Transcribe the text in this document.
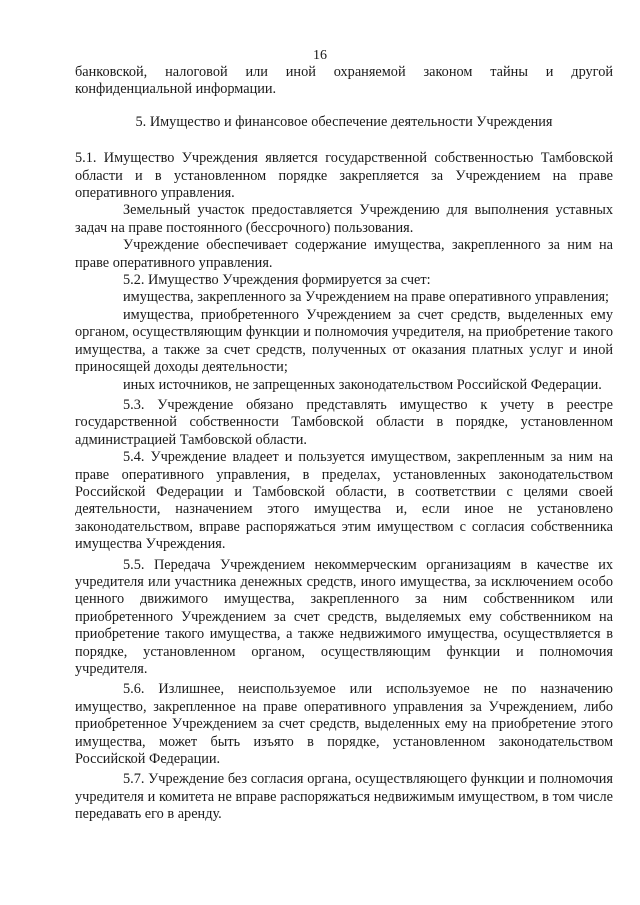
16

банковской, налоговой или иной охраняемой законом тайны и другой конфиденциальной информации.

5. Имущество и финансовое обеспечение деятельности Учреждения

5.1. Имущество Учреждения является государственной собственностью Тамбовской области и в установленном порядке закрепляется за Учреждением на праве оперативного управления.

Земельный участок предоставляется Учреждению для выполнения уставных задач на праве постоянного (бессрочного) пользования.

Учреждение обеспечивает содержание имущества, закрепленного за ним на праве оперативного управления.

5.2. Имущество Учреждения формируется за счет:

имущества, закрепленного за Учреждением на праве оперативного управления;

имущества, приобретенного Учреждением за счет средств, выделенных ему органом, осуществляющим функции и полномочия учредителя, на приобретение такого имущества, а также за счет средств, полученных от оказания платных услуг и иной приносящей доходы деятельности;

иных источников, не запрещенных законодательством Российской Федерации.

5.3. Учреждение обязано представлять имущество к учету в реестре государственной собственности Тамбовской области в порядке, установленном администрацией Тамбовской области.

5.4. Учреждение владеет и пользуется имуществом, закрепленным за ним на праве оперативного управления, в пределах, установленных законодательством Российской Федерации и Тамбовской области, в соответствии с целями своей деятельности, назначением этого имущества и, если иное не установлено законодательством, вправе распоряжаться этим имуществом с согласия собственника имущества Учреждения.

5.5. Передача Учреждением некоммерческим организациям в качестве их учредителя или участника денежных средств, иного имущества, за исключением особо ценного движимого имущества, закрепленного за ним собственником или приобретенного Учреждением за счет средств, выделяемых ему собственником на приобретение такого имущества, а также недвижимого имущества, осуществляется в порядке, установленном органом, осуществляющим функции и полномочия учредителя.

5.6. Излишнее, неиспользуемое или используемое не по назначению имущество, закрепленное на праве оперативного управления за Учреждением, либо приобретенное Учреждением за счет средств, выделенных ему на приобретение этого имущества, может быть изъято в порядке, установленном законодательством Российской Федерации.

5.7. Учреждение без согласия органа, осуществляющего функции и полномочия учредителя и комитета не вправе распоряжаться недвижимым имуществом, в том числе передавать его в аренду.
